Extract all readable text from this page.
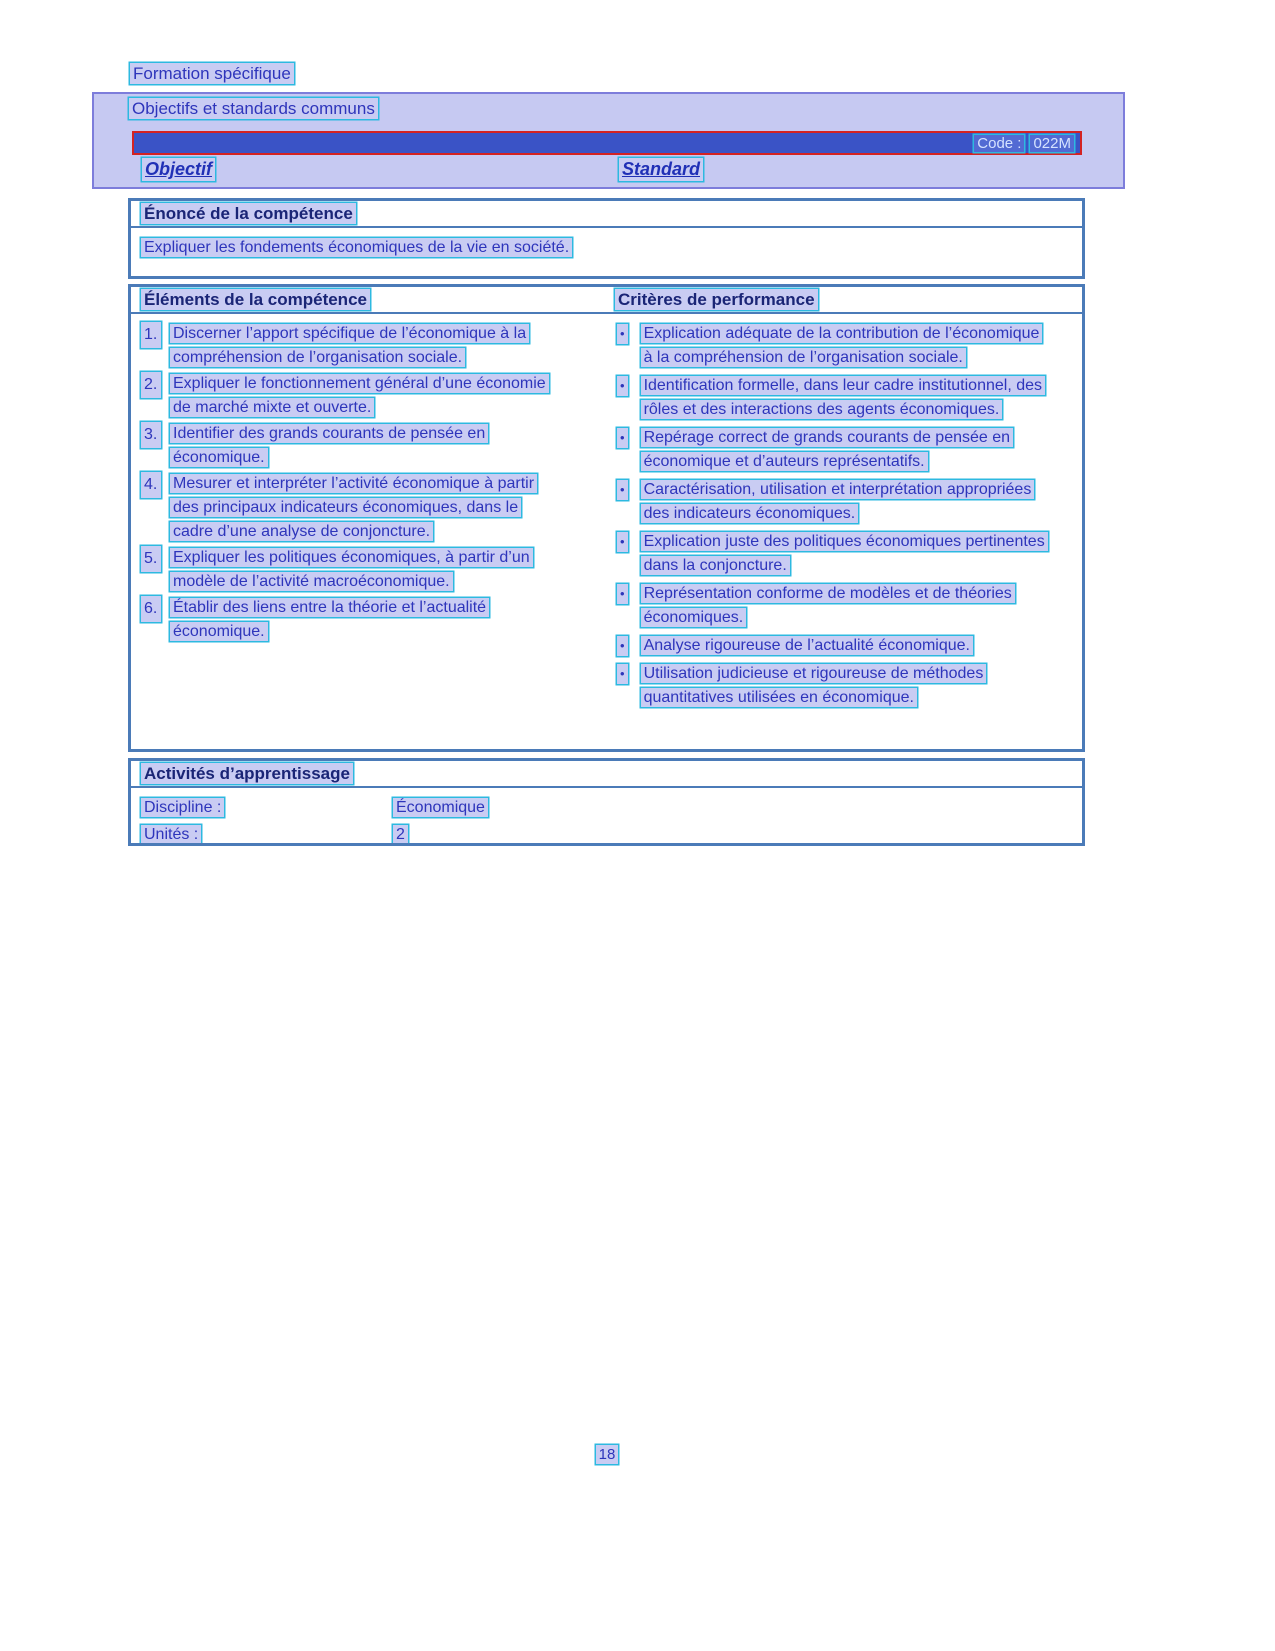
Formation spécifique
Objectifs et standards communs
Code : 022M
Objectif	Standard
Énoncé de la compétence
Expliquer les fondements économiques de la vie en société.
Éléments de la compétence	Critères de performance
1. Discerner l’apport spécifique de l’économique à la compréhension de l’organisation sociale.
2. Expliquer le fonctionnement général d’une économie de marché mixte et ouverte.
3. Identifier des grands courants de pensée en économique.
4. Mesurer et interpréter l’activité économique à partir des principaux indicateurs économiques, dans le cadre d’une analyse de conjoncture.
5. Expliquer les politiques économiques, à partir d’un modèle de l’activité macroéconomique.
6. Établir des liens entre la théorie et l’actualité économique.
• Explication adéquate de la contribution de l’économique à la compréhension de l’organisation sociale.
• Identification formelle, dans leur cadre institutionnel, des rôles et des interactions des agents économiques.
• Repérage correct de grands courants de pensée en économique et d’auteurs représentatifs.
• Caractérisation, utilisation et interprétation appropriées des indicateurs économiques.
• Explication juste des politiques économiques pertinentes dans la conjoncture.
• Représentation conforme de modèles et de théories économiques.
• Analyse rigoureuse de l’actualité économique.
• Utilisation judicieuse et rigoureuse de méthodes quantitatives utilisées en économique.
Activités d’apprentissage
Discipline :	Économique
Unités :	2
18
